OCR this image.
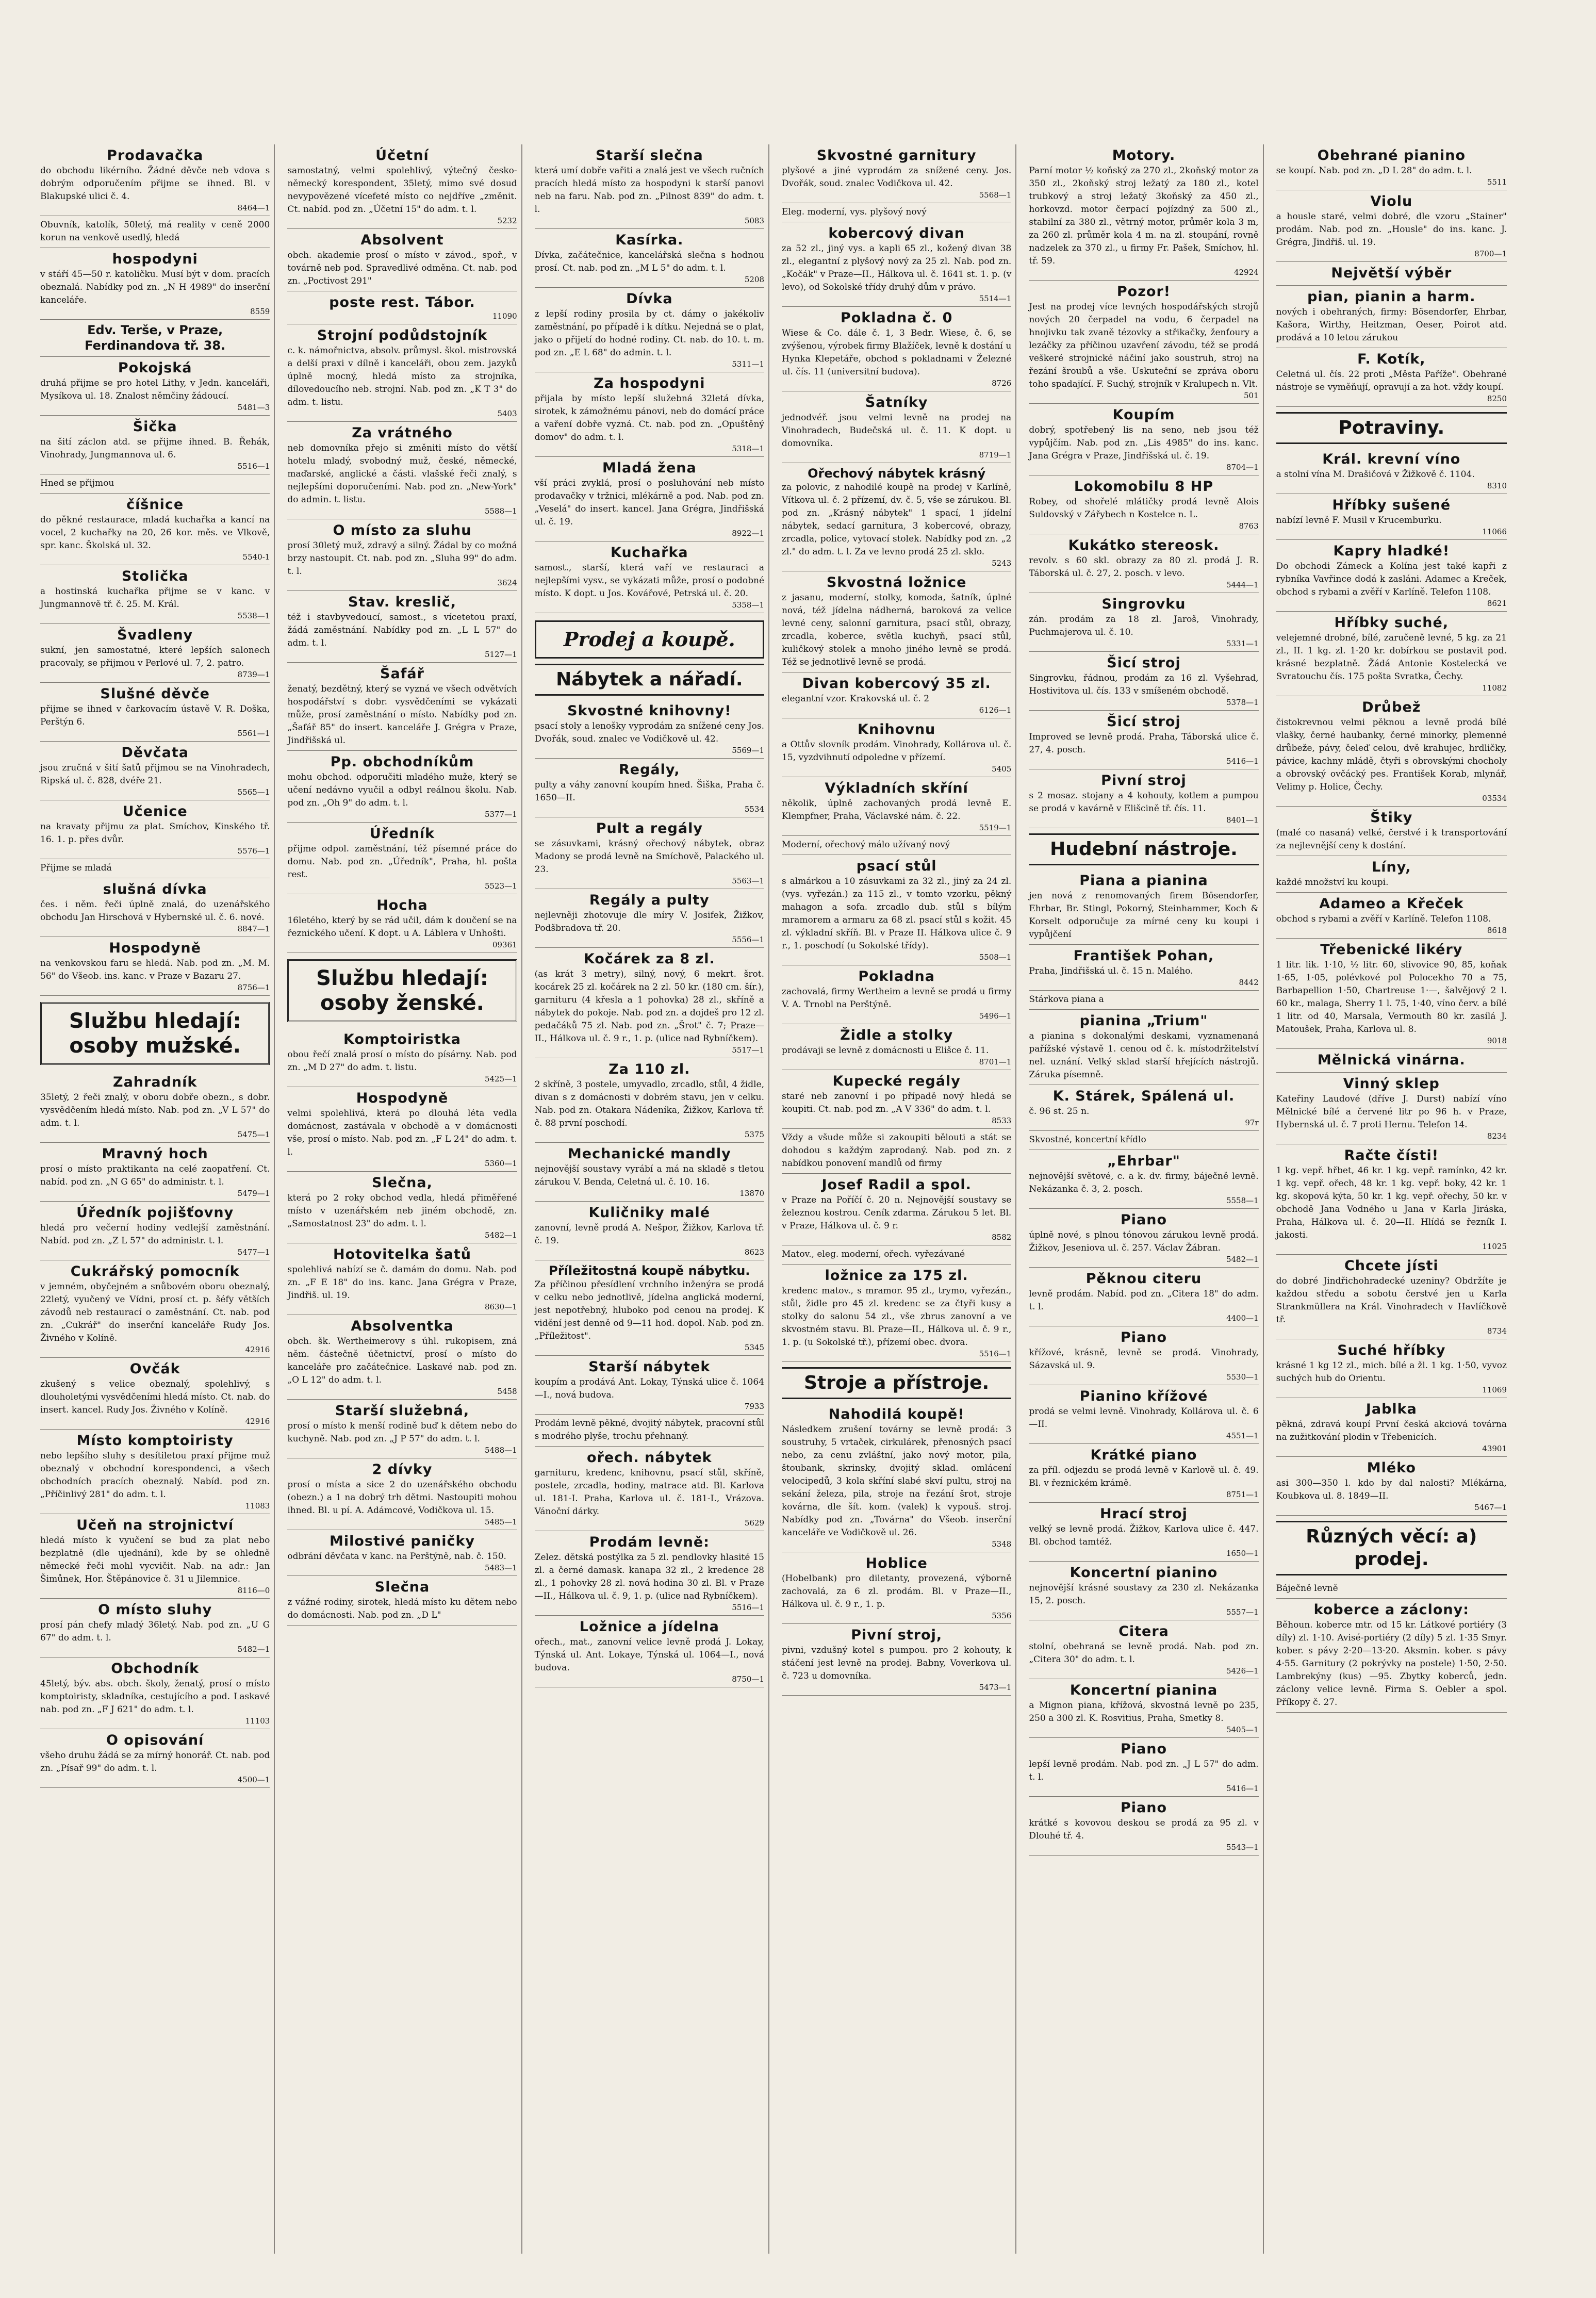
Prodavačka
do obchodu likérního. Žádné děvče neb vdova s dobrým odporučením přijme se ihned. Bl. v Blakupské ulici č. 4.
8464—1
Obuvník, katolík, 50letý, má reality v ceně 2000 korun na venkově usedlý, hledá
hospodyni
v stáří 45—50 r. katoličku. Musí být v dom. pracích obeznalá. Nabídky pod zn. „N H 4989" do inserční kanceláře.
8559
Edv. Terše, v Praze, Ferdinandova tř. 38.
Pokojská
druhá přijme se pro hotel Lithy, v Jedn. kanceláři, Mysíkova ul. 18. Znalost němčiny žádoucí.
5481—3
Šička
na šití záclon atd. se přijme ihned. B. Řehák, Vinohrady, Jungmannova ul. 6.
5516—1
Hned se přijmou
číšnice
do pěkné restaurace, mladá kuchařka a kancí na vocel, 2 kuchařky na 20, 26 kor. měs. ve Vlkově, spr. kanc. Školská ul. 32.
5540-1
Stolička
a hostinská kuchařka přijme se v kanc. v Jungmannově tř. č. 25. M. Král.
5538—1
Švadleny
sukní, jen samostatné, které lepších salonech pracovaly, se přijmou v Perlové ul. 7, 2. patro.
8739—1
Slušné děvče
přijme se ihned v čarkovacím ústavě V. R. Doška, Perštýn 6.
5561—1
Děvčata
jsou zručná v šití šatů přijmou se na Vinohradech, Ripská ul. č. 828, dvéře 21.
5565—1
Učenice
na kravaty přijmu za plat. Smíchov, Kinského tř. 16. 1. p. přes dvůr.
5576—1
Přijme se mladá
slušná dívka
čes. i něm. řeči úplně znalá, do uzenářského obchodu Jan Hirschová v Hybernské ul. č. 6. nové.
8847—1
Hospodyně
na venkovskou faru se hledá. Nab. pod zn. „M. M. 56" do Všeob. ins. kanc. v Praze v Bazaru 27.
8756—1
Službu hledají: osoby mužské.
Zahradník
35letý, 2 řeči znalý, v oboru dobře obezn., s dobr. vysvědčením hledá místo. Nab. pod zn. „V L 57" do adm. t. l.
5475—1
Mravný hoch
prosí o místo praktikanta na celé zaopatření. Ct. nabíd. pod zn. „N G 65" do administr. t. l.
5479—1
Úředník pojišťovny
hledá pro večerní hodiny vedlejší zaměstnání. Nabíd. pod zn. „Z L 57" do administr. t. l.
5477—1
Cukrářský pomocník
v jemném, obyčejném a snůbovém oboru obeznalý, 22letý, vyučený ve Vídni, prosí ct. p. šéfy větších závodů neb restaurací o zaměstnání. Ct. nab. pod zn. „Cukrář" do inserční kanceláře Rudy Jos. Živného v Kolíně.
42916
Ovčák
zkušený s velice obeznalý, spolehlivý, s dlouholetými vysvědčeními hledá místo. Ct. nab. do insert. kancel. Rudy Jos. Živného v Kolíně.
42916
Místo komptoiristy
nebo lepšího sluhy s desítiletou praxí přijme muž obeznalý v obchodní korespondenci, a všech obchodních pracích obeznalý. Nabíd. pod zn. „Příčinlivý 281" do adm. t. l.
11083
Učeň na strojnictví
hledá místo k vyučení se bud za plat nebo bezplatně (dle ujednání), kde by se ohledně německé řeči mohl vycvičit. Nab. na adr.: Jan Šimůnek, Hor. Štěpánovice č. 31 u Jilemnice.
8116—0
O místo sluhy
prosí pán chefy mladý 36letý. Nab. pod zn. „U G 67" do adm. t. l.
5482—1
Obchodník
45letý, býv. abs. obch. školy, ženatý, prosí o místo komptoiristy, skladníka, cestujícího a pod. Laskavé nab. pod zn. „F J 621" do adm. t. l.
11103
O opisování
všeho druhu žádá se za mírný honorář. Ct. nab. pod zn. „Písař 99" do adm. t. l.
4500—1
Účetní
samostatný, velmi spolehlivý, výtečný česko-německý korespondent, 35letý, mimo své dosud nevypovězené vícefeté místo co nejdříve „změnit. Ct. nabíd. pod zn. „Účetní 15" do adm. t. l.
5232
Absolvent
obch. akademie prosí o místo v závod., spoř., v továrně neb pod. Spravedlivé odměna. Ct. nab. pod zn. „Poctivost 291"
poste rest. Tábor.
11090
Strojní podůdstojník
c. k. námořnictva, absolv. průmysl. škol. mistrovská a delší praxi v dílně i kanceláři, obou zem. jazyků úplně mocný, hledá místo za strojníka, dílovedoucího neb. strojní. Nab. pod zn. „K T 3" do adm. t. listu.
5403
Za vrátného
neb domovníka přejo si změniti místo do větší hotelu mladý, svobodný muž, české, německé, maďarské, anglické a části. vlašské řeči znalý, s nejlepšími doporučeními. Nab. pod zn. „New-York" do admin. t. listu.
5588—1
O místo za sluhu
prosí 30letý muž, zdravý a silný. Žádal by co možná brzy nastoupit. Ct. nab. pod zn. „Sluha 99" do adm. t. l.
3624
Stav. kreslič,
též i stavbyvedoucí, samost., s vícetetou praxí, žádá zaměstnání. Nabídky pod zn. „L L 57" do adm. t. l.
5127—1
Šafář
ženatý, bezdětný, který se vyzná ve všech odvětvích hospodářství s dobr. vysvědčeními se vykázati může, prosí zaměstnání o místo. Nabídky pod zn. „Šafář 85" do insert. kanceláře J. Grégra v Praze, Jindřišská ul.
Pp. obchodníkům
mohu obchod. odporučiti mladého muže, který se učení nedávno vyučil a odbyl reálnou školu. Nab. pod zn. „Oh 9" do adm. t. l.
5377—1
Úředník
přijme odpol. zaměstnání, též písemné práce do domu. Nab. pod zn. „Úředník", Praha, hl. pošta rest.
5523—1
Hocha
16letého, který by se rád učil, dám k doučení se na řeznického učení. K dopt. u A. Láblera v Unhošti.
09361
Službu hledají: osoby ženské.
Komptoiristka
obou řečí znalá prosí o místo do písárny. Nab. pod zn. „M D 27" do adm. t. listu.
5425—1
Hospodyně
velmi spolehlivá, která po dlouhá léta vedla domácnost, zastávala v obchodě a v domácnosti vše, prosí o místo. Nab. pod zn. „F L 24" do adm. t. l.
5360—1
Slečna,
která po 2 roky obchod vedla, hledá přiměřené místo v uzenářském neb jiném obchodě, zn. „Samostatnost 23" do adm. t. l.
5482—1
Hotovitelka šatů
spolehlivá nabízí se č. damám do domu. Nab. pod zn. „F E 18" do ins. kanc. Jana Grégra v Praze, Jindřiš. ul. 19.
8630—1
Absolventka
obch. šk. Wertheimerovy s úhl. rukopisem, zná něm. částečně účetnictví, prosí o místo do kanceláře pro začátečnice. Laskavé nab. pod zn. „O L 12" do adm. t. l.
5458
Starší služebná,
prosí o místo k menší rodině buď k dětem nebo do kuchyně. Nab. pod zn. „J P 57" do adm. t. l.
5488—1
2 dívky
prosí o místa a sice 2 do uzenářského obchodu (obezn.) a 1 na dobrý trh dětmi. Nastoupiti mohou ihned. Bl. u pí. A. Adámcové, Vodičkova ul. 15.
5485—1
Milostivé paničky
odbrání děvčata v kanc. na Perštýně, nab. č. 150.
5483—1
Slečna
z vážné rodiny, sirotek, hledá místo ku dětem nebo do domácnosti. Nab. pod zn. „D L"
Starší slečna
která umí dobře vařiti a znalá jest ve všech ručních pracích hledá místo za hospodyni k starší panovi neb na faru. Nab. pod zn. „Pilnost 839" do adm. t. l.
5083
Kasírka.
Dívka, začátečnice, kancelářská slečna s hodnou prosí. Ct. nab. pod zn. „M L 5" do adm. t. l.
5208
Dívka
z lepší rodiny prosila by ct. dámy o jakékoliv zaměstnání, po případě i k dítku. Nejedná se o plat, jako o přijetí do hodné rodiny. Ct. nab. do 10. t. m. pod zn. „E L 68" do admin. t. l.
5311—1
Za hospodyni
přijala by místo lepší služebná 32letá dívka, sirotek, k zámožnému pánovi, neb do domácí práce a vaření dobře vyzná. Ct. nab. pod zn. „Opuštěný domov" do adm. t. l.
5318—1
Mladá žena
vší práci zvyklá, prosí o posluhování neb místo prodavačky v tržnici, mlékárně a pod. Nab. pod zn. „Veselá" do insert. kancel. Jana Grégra, Jindřišská ul. č. 19.
8922—1
Kuchařka
samost., starší, která vaří ve restauraci a nejlepšími vysv., se vykázati může, prosí o podobné místo. K dopt. u Jos. Kovářové, Petrská ul. č. 20.
5358—1
Prodej a koupě.
Nábytek a nářadí.
Skvostné knihovny!
psací stoly a lenošky vyprodám za snížené ceny Jos. Dvořák, soud. znalec ve Vodičkově ul. 42.
5569—1
Regály,
pulty a váhy zanovní koupím hned. Šiška, Praha č. 1650—II.
5534
Pult a regály
se zásuvkami, krásný ořechový nábytek, obraz Madony se prodá levně na Smíchově, Palackého ul. 23.
5563—1
Regály a pulty
nejlevněji zhotovuje dle míry V. Josifek, Žižkov, Podšbradova tř. 20.
5556—1
Kočárek za 8 zl.
(as krát 3 metry), silný, nový, 6 mekrt. šrot. kocárek 25 zl. kočárek na 2 zl. 50 kr. (180 cm. šír.), garnituru (4 křesla a 1 pohovka) 28 zl., skříně a nábytek do pokoje. Nab. pod zn. a dojdeš pro 12 zl. pedačáků 75 zl. Nab. pod zn. „Šrot" č. 7; Praze—II., Hálkova ul. č. 9 r., 1. p. (ulice nad Rybníčkem).
5517—1
Za 110 zl.
2 skříně, 3 postele, umyvadlo, zrcadlo, stůl, 4 židle, divan s z domácnosti v dobrém stavu, jen v celku. Nab. pod zn. Otakara Nádeníka, Žižkov, Karlova tř. č. 88 první poschodí.
5375
Mechanické mandly
nejnovější soustavy vyrábí a má na skladě s tletou zárukou V. Benda, Celetná ul. č. 10. 16.
13870
Kuličniky malé
zanovní, levně prodá A. Nešpor, Žižkov, Karlova tř. č. 19.
8623
Příležitostná koupě nábytku.
Za příčinou přesídlení vrchního inženýra se prodá v celku nebo jednotlivě, jídelna anglická moderní, jest nepotřebný, hluboko pod cenou na prodej. K vidění jest denně od 9—11 hod. dopol. Nab. pod zn. „Příležitost".
5345
Starší nábytek
koupím a prodává Ant. Lokay, Týnská ulice č. 1064—I., nová budova.
7933
Prodám levně pěkné, dvojitý nábytek, pracovní stůl s modrého plyše, trochu přehnaný.
ořech. nábytek
garnituru, kredenc, knihovnu, psací stůl, skříně, postele, zrcadla, hodiny, matrace atd. Bl. Karlova ul. 181-I. Praha, Karlova ul. č. 181-I., Vrázova. Vánoční dárky.
5629
Prodám levně:
Zelez. dětská postýlka za 5 zl. pendlovky hlasité 15 zl. a černé damask. kanapa 32 zl., 2 kredence 28 zl., 1 pohovky 28 zl. nová hodina 30 zl. Bl. v Praze—II., Hálkova ul. č. 9, 1. p. (ulice nad Rybníčkem).
5516—1
Ložnice a jídelna
ořech., mat., zanovní velice levně prodá J. Lokay, Týnská ul. Ant. Lokaye, Týnská ul. 1064—I., nová budova.
8750—1
Skvostné garnitury
plyšové a jiné vyprodám za snížené ceny. Jos. Dvořák, soud. znalec Vodičkova ul. 42.
5568—1
Eleg. moderní, vys. plyšový nový
kobercový divan
za 52 zl., jiný vys. a kapli 65 zl., kožený divan 38 zl., elegantní z plyšový nový za 25 zl. Nab. pod zn. „Kočák" v Praze—II., Hálkova ul. č. 1641 st. 1. p. (v levo), od Sokolské třídy druhý dům v právo.
5514—1
Pokladna č. 0
Wiese & Co. dále č. 1, 3 Bedr. Wiese, č. 6, se zvýšenou, výrobek firmy Blažíček, levně k dostání u Hynka Klepetáře, obchod s pokladnami v Železné ul. čís. 11 (universitní budova).
8726
Šatníky
jednodvéř. jsou velmi levně na prodej na Vinohradech, Budečská ul. č. 11. K dopt. u domovníka.
8719—1
Ořechový nábytek krásný
za polovic, z nahodilé koupě na prodej v Karlíně, Vítkova ul. č. 2 přízemí, dv. č. 5, vše se zárukou. Bl. pod zn. „Krásný nábytek" 1 spací, 1 jídelní nábytek, sedací garnitura, 3 kobercové, obrazy, zrcadla, police, vytovací stolek. Nabídky pod zn. „2 zl." do adm. t. l. Za ve levno prodá 25 zl. sklo.
5243
Skvostná ložnice
z jasanu, moderní, stolky, komoda, šatník, úplné nová, též jídelna nádherná, baroková za velice levné ceny, salonní garnitura, psací stůl, obrazy, zrcadla, koberce, světla kuchyň, psací stůl, kuličkový stolek a mnoho jiného levně se prodá. Též se jednotlivě levně se prodá.
Divan kobercový 35 zl.
elegantní vzor. Krakovská ul. č. 2
6126—1
Knihovnu
a Ottův slovník prodám. Vinohrady, Kollárova ul. č. 15, vyzdvihnutí odpoledne v přízemí.
5405
Výkladních skříní
několik, úplně zachovaných prodá levně E. Klempfner, Praha, Václavské nám. č. 22.
5519—1
Moderní, ořechový málo užívaný nový
psací stůl
s almárkou a 10 zásuvkami za 32 zl., jiný za 24 zl. (vys. vyřezán.) za 115 zl., v tomto vzorku, pěkný mahagon a sofa. zrcadlo dub. stůl s bílým mramorem a armaru za 68 zl. psací stůl s kožit. 45 zl. výkladní skříň. Bl. v Praze II. Hálkova ulice č. 9 r., 1. poschodí (u Sokolské třídy).
5508—1
Pokladna
zachovalá, firmy Wertheim a levně se prodá u firmy V. A. Trnobl na Perštýně.
5496—1
Židle a stolky
prodávaji se levně z domácnosti u Elišce č. 11.
8701—1
Kupecké regály
staré neb zanovní i po případě nový hledá se koupiti. Ct. nab. pod zn. „A V 336" do adm. t. l.
8533
Vždy a všude může si zakoupiti bělouti a stát se dohodou s každým zaprodaný. Nab. pod zn. z nabídkou ponovení mandlů od firmy
Josef Radil a spol.
v Praze na Poříčí č. 20 n. Nejnovější soustavy se železnou kostrou. Ceník zdarma. Zárukou 5 let. Bl. v Praze, Hálkova ul. č. 9 r.
8582
Matov., eleg. moderní, ořech. vyřezávané
ložnice za 175 zl.
kredenc matov., s mramor. 95 zl., trymo, vyřezán., stůl, židle pro 45 zl. kredenc se za čtyři kusy a stolky do salonu 54 zl., vše zbrus zanovní a ve skvostném stavu. Bl. Praze—II., Hálkova ul. č. 9 r., 1. p. (u Sokolské tř.), přízemí obec. dvora.
5516—1
Stroje a přístroje.
Nahodilá koupě!
Následkem zrušení továrny se levně prodá: 3 soustruhy, 5 vrtaček, cirkulárek, přenosných psací nebo, za cenu zvláštní, jako nový motor, pila, štoubank, skrinsky, dvojitý sklad. omlácení velocipedů, 3 kola skříní slabé skví pultu, stroj na sekání železa, pila, stroje na řezání šrot, stroje kovárna, dle šít. kom. (valek) k vypouš. stroj. Nabídky pod zn. „Továrna" do Všeob. inserční kanceláře ve Vodičkově ul. 26.
5348
Hoblice
(Hobelbank) pro diletanty, provezená, výborně zachovalá, za 6 zl. prodám. Bl. v Praze—II., Hálkova ul. č. 9 r., 1. p.
5356
Pivní stroj,
pivni, vzdušný kotel s pumpou. pro 2 kohouty, k stáčení jest levně na prodej. Babny, Voverkova ul. č. 723 u domovníka.
5473—1
Motory.
Parní motor ½ koňský za 270 zl., 2koňský motor za 350 zl., 2koňský stroj ležatý za 180 zl., kotel trubkový a stroj ležatý 3koňský za 450 zl., horkovzd. motor čerpací pojízdný za 500 zl., stabilní za 380 zl., větrný motor, průměr kola 3 m, za 260 zl. průměr kola 4 m. na zl. stoupání, rovně nadzelek za 370 zl., u firmy Fr. Pašek, Smíchov, hl. tř. 59.
42924
Pozor!
Jest na prodej více levných hospodářských strojů nových 20 čerpadel na vodu, 6 čerpadel na hnojivku tak zvaně tézovky a střikačky, ženťoury a lezáčky za příčinou uzavření závodu, též se prodá veškeré strojnické náčiní jako soustruh, stroj na řezání šroubů a vše. Uskuteční se zpráva oboru toho spadající. F. Suchý, strojník v Kralupech n. Vlt.
501
Koupím
dobrý, spotřebený lis na seno, neb jsou též vypůjčím. Nab. pod zn. „Lis 4985" do ins. kanc. Jana Grégra v Praze, Jindřišská ul. č. 19.
8704—1
Lokomobilu 8 HP
Robey, od shořelé mlátičky prodá levně Alois Suldovský v Zářybech n Kostelce n. L.
8763
Kukátko stereosk.
revolv. s 60 skl. obrazy za 80 zl. prodá J. R. Táborská ul. č. 27, 2. posch. v levo.
5444—1
Singrovku
zán. prodám za 18 zl. Jaroš, Vinohrady, Puchmajerova ul. č. 10.
5331—1
Šicí stroj
Singrovku, řádnou, prodám za 16 zl. Vyšehrad, Hostivitova ul. čís. 133 v smíšeném obchodě.
5378—1
Šicí stroj
Improved se levně prodá. Praha, Táborská ulice č. 27, 4. posch.
5416—1
Pivní stroj
s 2 mosaz. stojany a 4 kohouty, kotlem a pumpou se prodá v kavárně v Elišcině tř. čís. 11.
8401—1
Hudební nástroje.
Piana a pianina
jen nová z renomovaných firem Bösendorfer, Ehrbar, Br. Stingl, Pokorný, Steinhammer, Koch & Korselt odporučuje za mírné ceny ku koupi i vypůjčení
František Pohan,
Praha, Jindřišská ul. č. 15 n. Malého.
8442
Stárkova piana a
pianina „Trium"
a pianina s dokonalými deskami, vyznamenaná pařížské výstavě 1. cenou od č. k. místodržitelství nel. uznání. Velký sklad starší hřejících nástrojů. Záruka písemně.
K. Stárek, Spálená ul.
č. 96 st. 25 n.
97r
Skvostné, koncertní křídlo
„Ehrbar"
nejnovější světové, c. a k. dv. firmy, báječně levně. Nekázanka č. 3, 2. posch.
5558—1
Piano
úplně nové, s plnou tónovou zárukou levně prodá. Žižkov, Jeseniova ul. č. 257. Václav Žábran.
5482—1
Pěknou citeru
levně prodám. Nabíd. pod zn. „Citera 18" do adm. t. l.
4400—1
Piano
křížové, krásně, levně se prodá. Vinohrady, Sázavská ul. 9.
5530—1
Pianino křížové
prodá se velmi levně. Vinohrady, Kollárova ul. č. 6—II.
4551—1
Krátké piano
za příl. odjezdu se prodá levně v Karlově ul. č. 49. Bl. v řeznickém krámě.
8751—1
Hrací stroj
velký se levně prodá. Žižkov, Karlova ulice č. 447. Bl. obchod tamtéž.
1650—1
Koncertní pianino
nejnovější krásné soustavy za 230 zl. Nekázanka 15, 2. posch.
5557—1
Citera
stolní, obehraná se levně prodá. Nab. pod zn. „Citera 30" do adm. t. l.
5426—1
Koncertní pianina
a Mignon piana, křížová, skvostná levně po 235, 250 a 300 zl. K. Rosvitius, Praha, Smetky 8.
5405—1
Piano
lepší levně prodám. Nab. pod zn. „J L 57" do adm. t. l.
5416—1
Piano
krátké s kovovou deskou se prodá za 95 zl. v Dlouhé tř. 4.
5543—1
Obehrané pianino
se koupí. Nab. pod zn. „D L 28" do adm. t. l.
5511
Violu
a housle staré, velmi dobré, dle vzoru „Stainer" prodám. Nab. pod zn. „Housle" do ins. kanc. J. Grégra, Jindřiš. ul. 19.
8700—1
Největší výběr
pian, pianin a harm.
nových i obehraných, firmy: Bösendorfer, Ehrbar, Kašora, Wirthy, Heitzman, Oeser, Poirot atd. prodává a 10 letou zárukou
F. Kotík,
Celetná ul. čís. 22 proti „Města Paříže". Obehrané nástroje se vyměňují, opravují a za hot. vždy koupí.
8250
Potraviny.
Král. krevní víno
a stolní vína M. Drašičová v Žižkově č. 1104.
8310
Hříbky sušené
nabízí levně F. Musil v Krucemburku.
11066
Kapry hladké!
Do obchodi Zámeck a Kolína jest také kapři z rybníka Vavřince dodá k zasláni. Adamec a Kreček, obchod s rybami a zvěří v Karlíně. Telefon 1108.
8621
Hříbky suché,
velejemné drobné, bílé, zaručeně levné, 5 kg. za 21 zl., II. 1 kg. zl. 1·20 kr. dobírkou se postavit pod. krásné bezplatně. Žádá Antonie Kostelecká ve Svratouchu čís. 175 pošta Svratka, Čechy.
11082
Drůbež
čistokrevnou velmi pěknou a levně prodá bílé vlašky, černé haubanky, černé minorky, plemenné drůbeže, pávy, čeleď celou, dvě krahujec, hrdličky, pávice, kachny mládě, čtyři s obrovskými chocholy a obrovský ovčácký pes. František Korab, mlynář, Velimy p. Holice, Čechy.
03534
Štiky
(malé co nasaná) velké, čerstvé i k transportování za nejlevnější ceny k dostání.
Líny,
každé množství ku koupi.
Adameo a Křeček
obchod s rybami a zvěří v Karlíně. Telefon 1108.
8618
Třebenické likéry
1 litr. lik. 1·10, ½ litr. 60, slivovice 90, 85, koňak 1·65, 1·05, polévkové pol Polocekho 70 a 75, Barbapellion 1·50, Chartreuse 1·—, šalvějový 2 l. 60 kr., malaga, Sherry 1 l. 75, 1·40, víno červ. a bílé 1 litr. od 40, Marsala, Vermouth 80 kr. zasílá J. Matoušek, Praha, Karlova ul. 8.
9018
Mělnická vinárna.
Vinný sklep
Kateřiny Laudové (dříve J. Durst) nabízí víno Mělnické bílé a červené litr po 96 h. v Praze, Hybernská ul. č. 7 proti Hernu. Telefon 14.
8234
Račte čísti!
1 kg. vepř. hřbet, 46 kr. 1 kg. vepř. ramínko, 42 kr. 1 kg. vepř. ořech, 48 kr. 1 kg. vepř. boky, 42 kr. 1 kg. skopová kýta, 50 kr. 1 kg. vepř. ořechy, 50 kr. v obchodě Jana Vodného u Jana v Karla Jiráska, Praha, Hálkova ul. č. 20—II. Hlídá se řezník I. jakosti.
11025
Chcete jísti
do dobré Jindřichohradecké uzeniny? Obdržíte je každou středu a sobotu čerstvé jen u Karla Strankmüllera na Král. Vinohradech v Havlíčkově tř.
8734
Suché hříbky
krásné 1 kg 12 zl., mich. bílé a žl. 1 kg. 1·50, vyvoz suchých hub do Orientu.
11069
Jablka
pěkná, zdravá koupí První česká akciová továrna na zužitkování plodin v Třebenicích.
43901
Mléko
asi 300—350 l. kdo by dal nalosti? Mlékárna, Koubkova ul. 8. 1849—II.
5467—1
Různých věcí: a) prodej.
Báječně levně
koberce a záclony:
Běhoun. koberce mtr. od 15 kr. Látkové portiéry (3 díly) zl. 1·10. Avisé-portiéry (2 díly) 5 zl. 1·35 Smyr. kober. s pávy 2·20—13·20. Aksmin. kober. s pávy 4·55. Garnitury (2 pokrývky na postele) 1·50, 2·50. Lambrekýny (kus) —95. Zbytky koberců, jedn. záclony velice levně. Firma S. Oebler a spol. Příkopy č. 27.
